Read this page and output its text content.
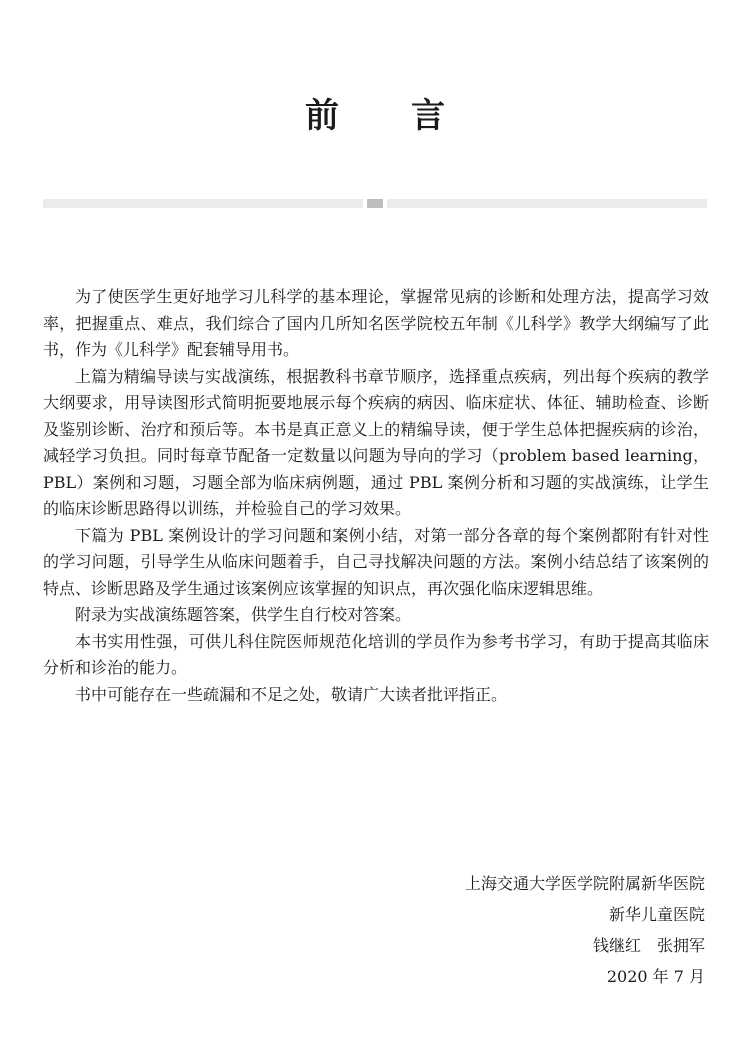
前 言

为了使医学生更好地学习儿科学的基本理论，掌握常见病的诊断和处理方法，提高学习效率，把握重点、难点，我们综合了国内几所知名医学院校五年制《儿科学》教学大纲编写了此书，作为《儿科学》配套辅导用书。

上篇为精编导读与实战演练，根据教科书章节顺序，选择重点疾病，列出每个疾病的教学大纲要求，用导读图形式简明扼要地展示每个疾病的病因、临床症状、体征、辅助检查、诊断及鉴别诊断、治疗和预后等。本书是真正意义上的精编导读，便于学生总体把握疾病的诊治，减轻学习负担。同时每章节配备一定数量以问题为导向的学习（problem based learning，PBL）案例和习题，习题全部为临床病例题，通过 PBL 案例分析和习题的实战演练，让学生的临床诊断思路得以训练，并检验自己的学习效果。

下篇为 PBL 案例设计的学习问题和案例小结，对第一部分各章的每个案例都附有针对性的学习问题，引导学生从临床问题着手，自己寻找解决问题的方法。案例小结总结了该案例的特点、诊断思路及学生通过该案例应该掌握的知识点，再次强化临床逻辑思维。

附录为实战演练题答案，供学生自行校对答案。

本书实用性强，可供儿科住院医师规范化培训的学员作为参考书学习，有助于提高其临床分析和诊治的能力。

书中可能存在一些疏漏和不足之处，敬请广大读者批评指正。

上海交通大学医学院附属新华医院
新华儿童医院
钱继红　张拥军
2020 年 7 月
